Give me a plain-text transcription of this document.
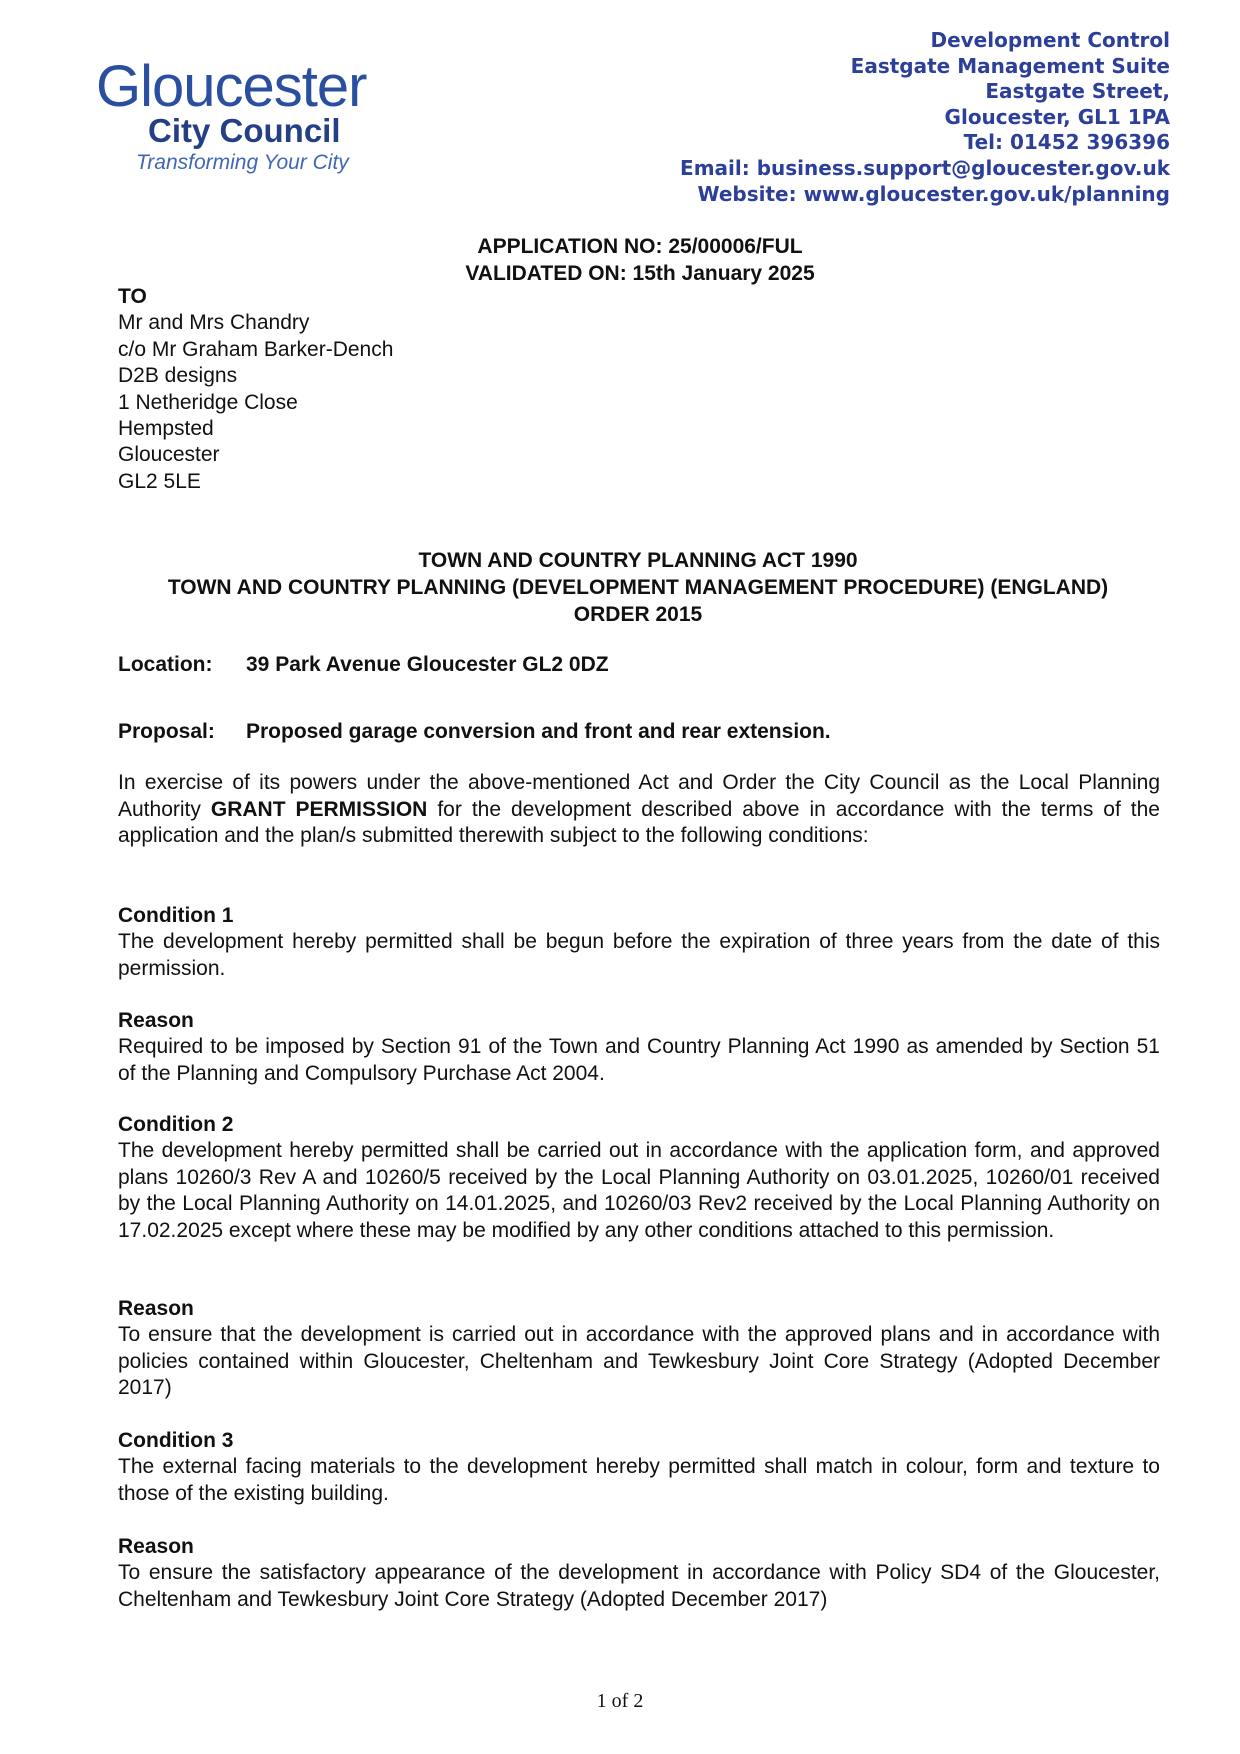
Gloucester
City Council
Transforming Your City
Development Control
Eastgate Management Suite
Eastgate Street,
Gloucester, GL1 1PA
Tel: 01452 396396
Email: business.support@gloucester.gov.uk
Website: www.gloucester.gov.uk/planning
APPLICATION NO: 25/00006/FUL
VALIDATED ON: 15th January 2025
TO
Mr and Mrs Chandry
c/o Mr Graham Barker-Dench
D2B designs
1 Netheridge Close
Hempsted
Gloucester
GL2 5LE
TOWN AND COUNTRY PLANNING ACT 1990
TOWN AND COUNTRY PLANNING (DEVELOPMENT MANAGEMENT PROCEDURE) (ENGLAND)
ORDER 2015
Location: 39 Park Avenue Gloucester GL2 0DZ
Proposal: Proposed garage conversion and front and rear extension.
In exercise of its powers under the above-mentioned Act and Order the City Council as the Local Planning Authority GRANT PERMISSION for the development described above in accordance with the terms of the application and the plan/s submitted therewith subject to the following conditions:
Condition 1
The development hereby permitted shall be begun before the expiration of three years from the date of this permission.
Reason
Required to be imposed by Section 91 of the Town and Country Planning Act 1990 as amended by Section 51 of the Planning and Compulsory Purchase Act 2004.
Condition 2
The development hereby permitted shall be carried out in accordance with the application form, and approved plans 10260/3 Rev A and 10260/5 received by the Local Planning Authority on 03.01.2025, 10260/01 received by the Local Planning Authority on 14.01.2025, and 10260/03 Rev2 received by the Local Planning Authority on 17.02.2025 except where these may be modified by any other conditions attached to this permission.
Reason
To ensure that the development is carried out in accordance with the approved plans and in accordance with policies contained within Gloucester, Cheltenham and Tewkesbury Joint Core Strategy (Adopted December 2017)
Condition 3
The external facing materials to the development hereby permitted shall match in colour, form and texture to those of the existing building.
Reason
To ensure the satisfactory appearance of the development in accordance with Policy SD4 of the Gloucester, Cheltenham and Tewkesbury Joint Core Strategy (Adopted December 2017)
1 of 2
